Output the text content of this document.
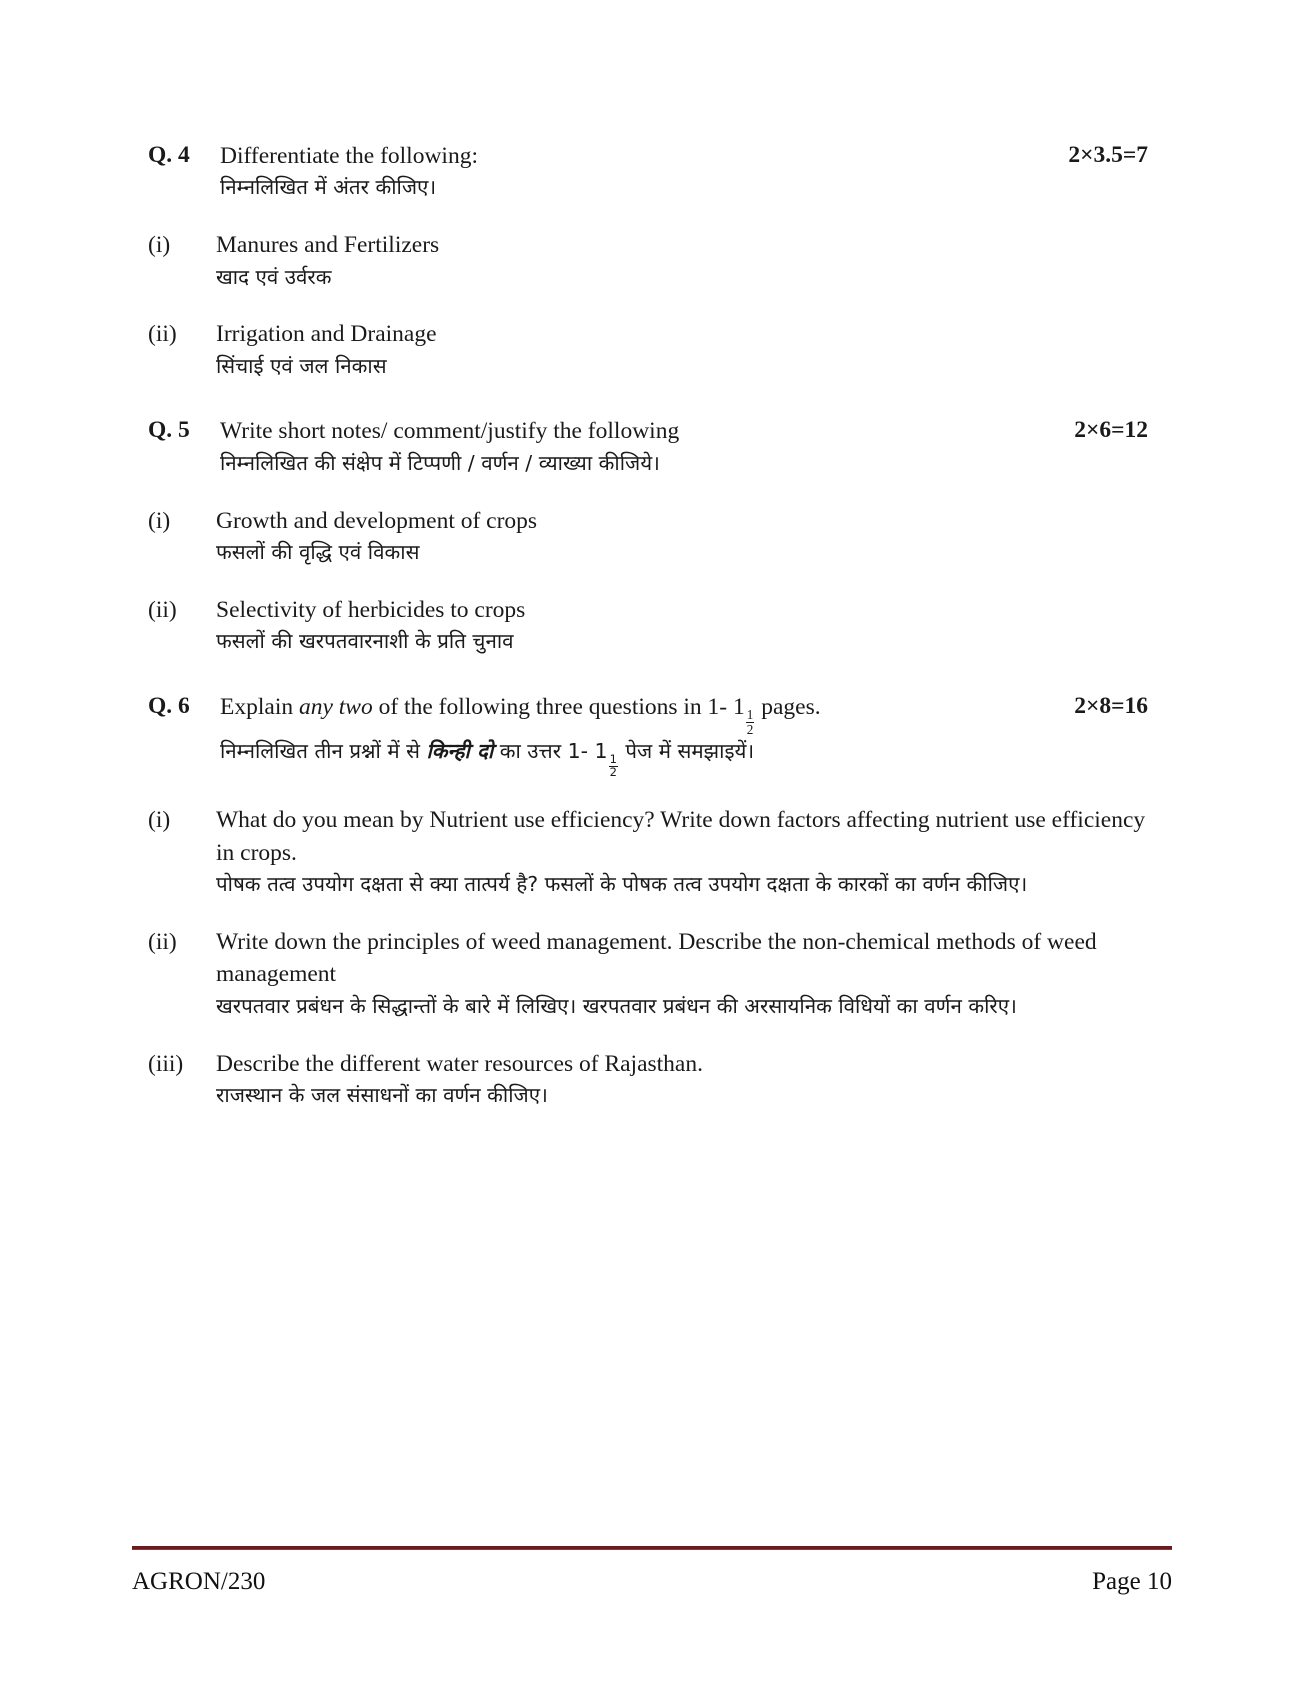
Q. 4	Differentiate the following:
निम्नलिखित में अंतर कीजिए।
2×3.5=7
(i)	Manures and Fertilizers
खाद एवं उर्वरक
(ii)	Irrigation and Drainage
सिंचाई एवं जल निकास
Q. 5	Write short notes/ comment/justify the following
निम्नलिखित की संक्षेप में टिप्पणी / वर्णन / व्याख्या कीजिये।
2×6=12
(i)	Growth and development of crops
फसलों की वृद्धि एवं विकास
(ii)	Selectivity of herbicides to crops
फसलों की खरपतवारनाशी के प्रति चुनाव
Q. 6	Explain any two of the following three questions in 1- 1
$\frac{1}{2}$
pages.
निम्नलिखित तीन प्रश्नों में से किन्ही दो का उत्तर 1- 1
$\frac{1}{2}$
पेज में समझाइयें।
2×8=16
(i)	What do you mean by Nutrient use efficiency? Write down factors affecting nutrient use efficiency in crops.
पोषक तत्व उपयोग दक्षता से क्या तात्पर्य है? फसलों के पोषक तत्व उपयोग दक्षता के कारकों का वर्णन कीजिए।
(ii)	Write down the principles of weed management. Describe the non-chemical methods of weed management
खरपतवार प्रबंधन के सिद्धान्तों के बारे में लिखिए। खरपतवार प्रबंधन की अरसायनिक विधियों का वर्णन करिए।
(iii)	Describe the different water resources of Rajasthan.
राजस्थान के जल संसाधनों का वर्णन कीजिए।
AGRON/230	Page 10
